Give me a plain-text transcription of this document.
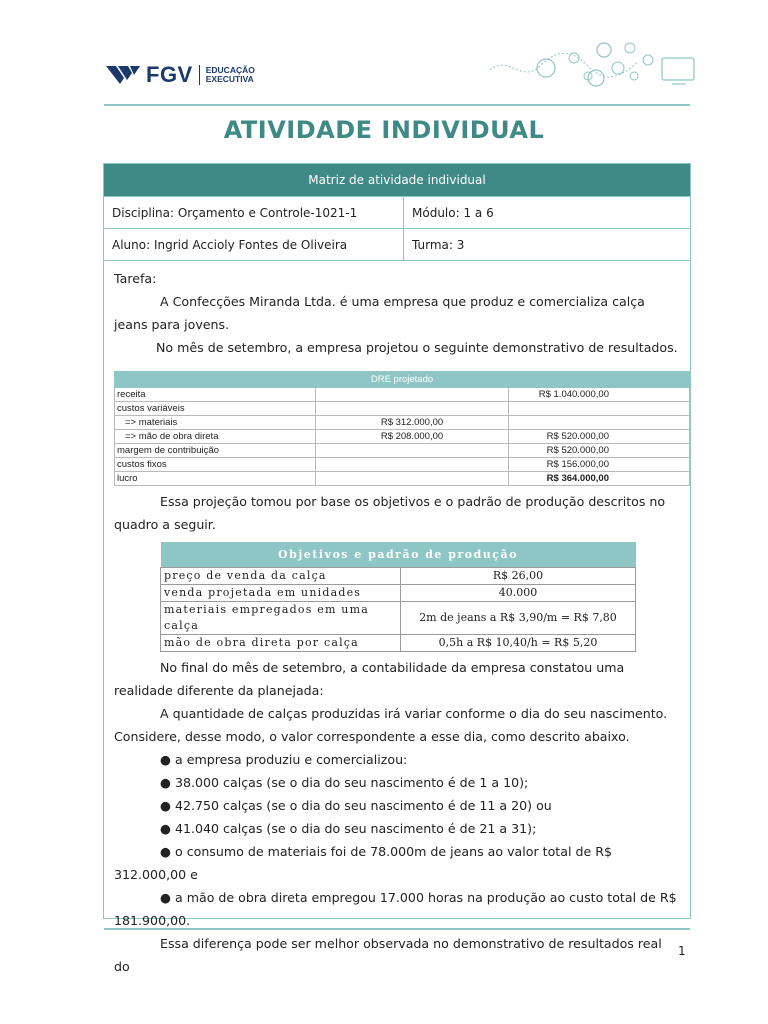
FGV EDUCAÇÃO
EXECUTIVA
ATIVIDADE INDIVIDUAL
Matriz de atividade individual
Disciplina: Orçamento e Controle-1021-1	Módulo: 1 a 6
Aluno: Ingrid Accioly Fontes de Oliveira	Turma: 3

Tarefa:

A Confecções Miranda Ltda. é uma empresa que produz e comercializa calça jeans para jovens.

No mês de setembro, a empresa projetou o seguinte demonstrativo de resultados.

DRE projetado		
receita		R$ 1.040.000,00
custos variáveis		
=> materiais	R$ 312.000,00	
=> mão de obra direta	R$ 208.000,00	R$ 520.000,00
margem de contribuição		R$ 520.000,00
custos fixos		R$ 156.000,00
lucro		R$ 364.000,00

Essa projeção tomou por base os objetivos e o padrão de produção descritos no quadro a seguir.

Objetivos e padrão de produção	
preço de venda da calça	R$ 26,00
venda projetada em unidades	40.000
materiais empregados em uma calça	2m de jeans a R$ 3,90/m = R$ 7,80
mão de obra direta por calça	0,5h a R$ 10,40/h = R$ 5,20

No final do mês de setembro, a contabilidade da empresa constatou uma realidade diferente da planejada:

A quantidade de calças produzidas irá variar conforme o dia do seu nascimento. Considere, desse modo, o valor correspondente a esse dia, como descrito abaixo.

● a empresa produziu e comercializou:

● 38.000 calças (se o dia do seu nascimento é de 1 a 10);

● 42.750 calças (se o dia do seu nascimento é de 11 a 20) ou

● 41.040 calças (se o dia do seu nascimento é de 21 a 31);

● o consumo de materiais foi de 78.000m de jeans ao valor total de R$ 312.000,00 e

● a mão de obra direta empregou 17.000 horas na produção ao custo total de R$ 181.900,00.

Essa diferença pode ser melhor observada no demonstrativo de resultados real do

1
